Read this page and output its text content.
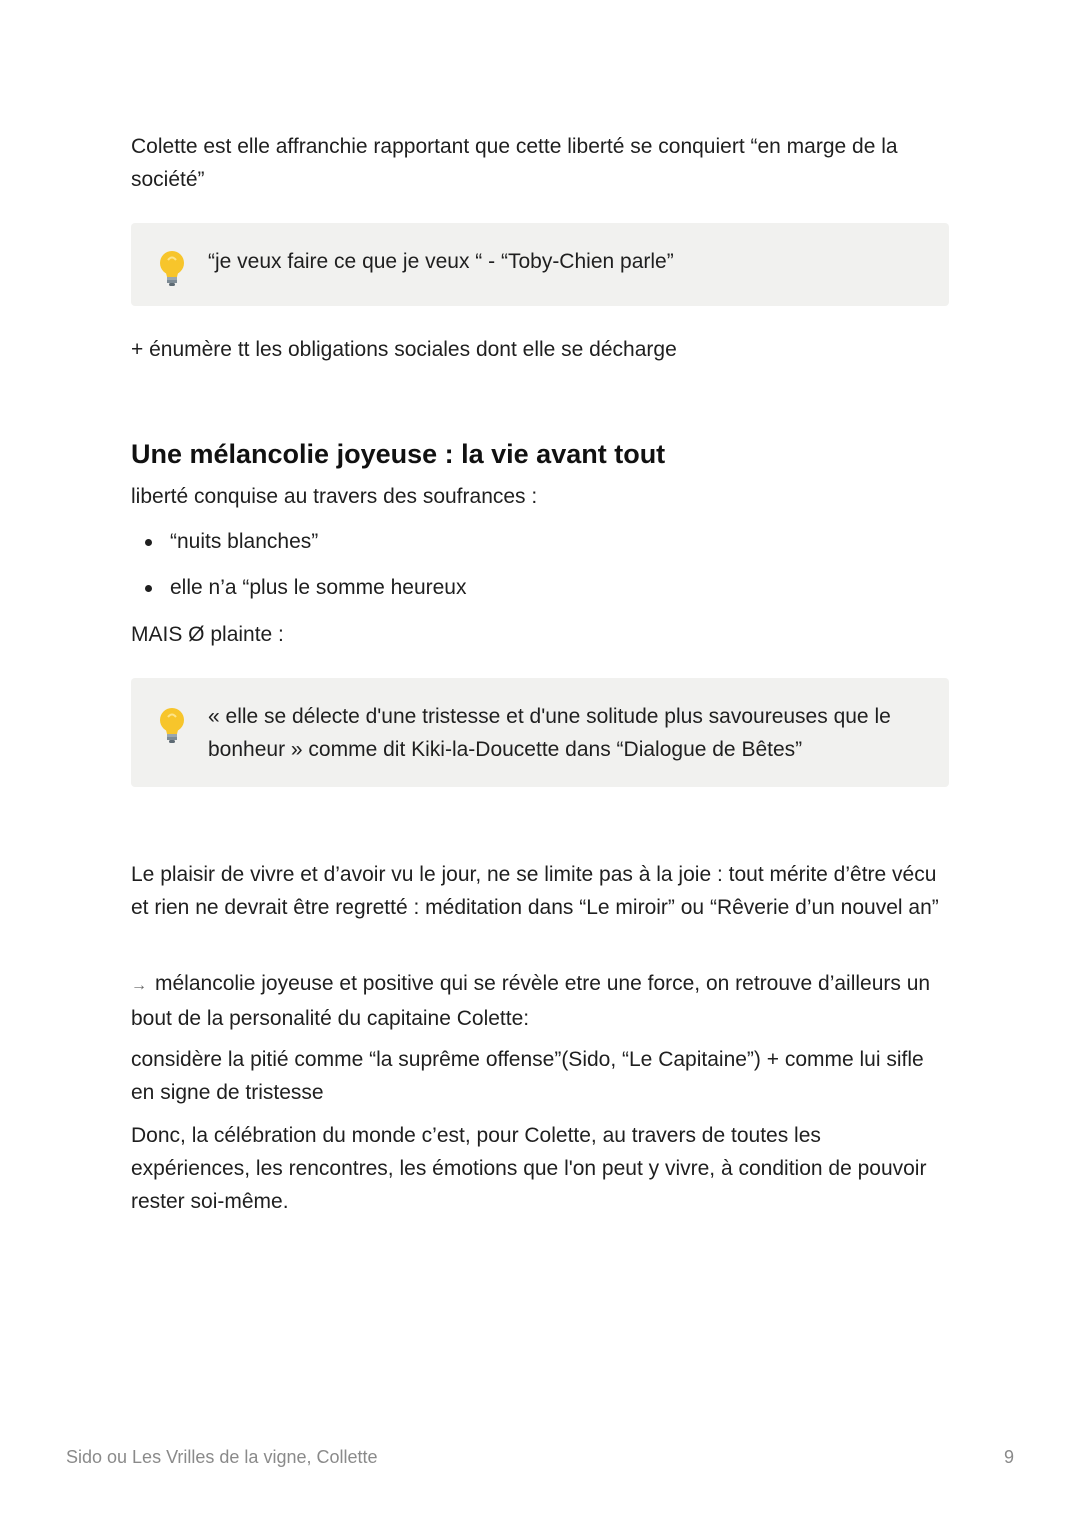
Colette est elle affranchie rapportant que cette liberté se conquiert “en marge de la société”

“je veux faire ce que je veux “ - “Toby-Chien parle”

+ énumère tt les obligations sociales dont elle se décharge

Une mélancolie joyeuse : la vie avant tout

liberté conquise au travers des soufrances :

“nuits blanches”
elle n’a “plus le somme heureux

MAIS Ø plainte :

« elle se délecte d'une tristesse et d'une solitude plus savoureuses que le bonheur » comme dit Kiki-la-Doucette dans “Dialogue de Bêtes”

Le plaisir de vivre et d’avoir vu le jour, ne se limite pas à la joie : tout mérite d’être vécu et rien ne devrait être regretté : méditation dans “Le miroir” ou “Rêverie d’un nouvel an”

→ mélancolie joyeuse et positive qui se révèle etre une force, on retrouve d’ailleurs un bout de la personalité du capitaine Colette:

considère la pitié comme “la suprême offense”(Sido, “Le Capitaine”) + comme lui sifle en signe de tristesse

Donc, la célébration du monde c’est, pour Colette, au travers de toutes les expériences, les rencontres, les émotions que l'on peut y vivre, à condition de pouvoir rester soi-même.

Sido ou Les Vrilles de la vigne, Collette	9
